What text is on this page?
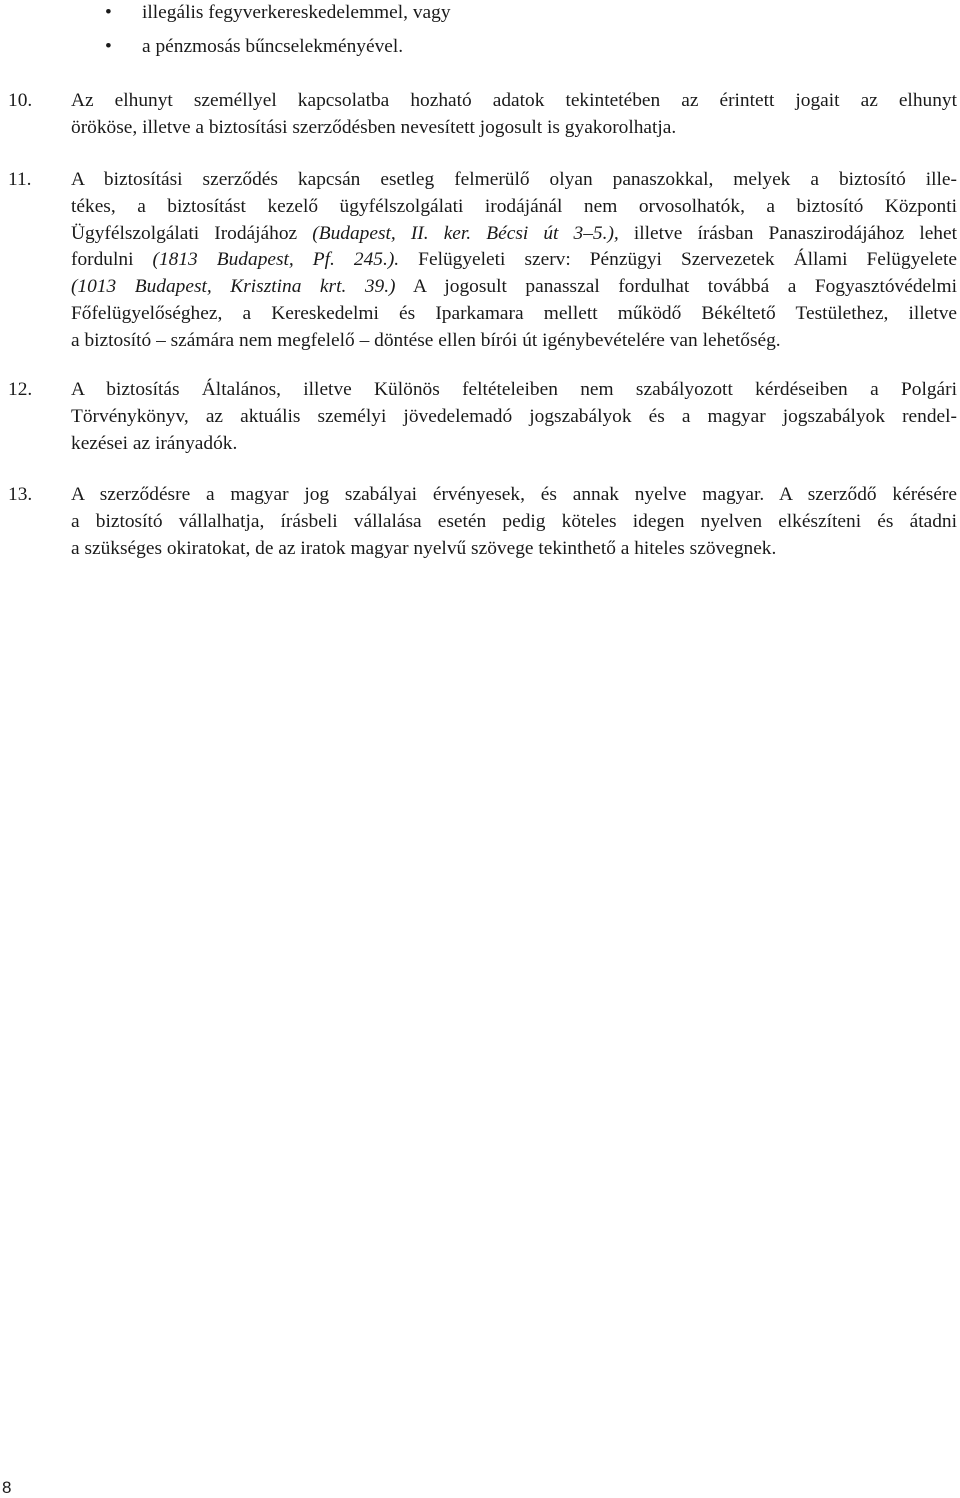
• illegális fegyverkereskedelemmel, vagy
• a pénzmosás bűncselekményével.
10. Az elhunyt személlyel kapcsolatba hozható adatok tekintetében az érintett jogait az elhunyt
örököse, illetve a biztosítási szerződésben nevesített jogosult is gyakorolhatja.
11. A biztosítási szerződés kapcsán esetleg felmerülő olyan panaszokkal, melyek a biztosító ille-
tékes, a biztosítást kezelő ügyfélszolgálati irodájánál nem orvosolhatók, a biztosító Központi
Ügyfélszolgálati Irodájához (Budapest, II. ker. Bécsi út 3–5.), illetve írásban Panaszirodájához lehet
fordulni (1813 Budapest, Pf. 245.). Felügyeleti szerv: Pénzügyi Szervezetek Állami Felügyelete
(1013 Budapest, Krisztina krt. 39.) A jogosult panasszal fordulhat továbbá a Fogyasztóvédelmi
Főfelügyelőséghez, a Kereskedelmi és Iparkamara mellett működő Békéltető Testülethez, illetve
a biztosító – számára nem megfelelő – döntése ellen bírói út igénybevételére van lehetőség.
12. A biztosítás Általános, illetve Különös feltételeiben nem szabályozott kérdéseiben a Polgári
Törvénykönyv, az aktuális személyi jövedelemadó jogszabályok és a magyar jogszabályok rendel-
kezései az irányadók.
13. A szerződésre a magyar jog szabályai érvényesek, és annak nyelve magyar. A szerződő kérésére
a biztosító vállalhatja, írásbeli vállalása esetén pedig köteles idegen nyelven elkészíteni és átadni
a szükséges okiratokat, de az iratok magyar nyelvű szövege tekinthető a hiteles szövegnek.
8
